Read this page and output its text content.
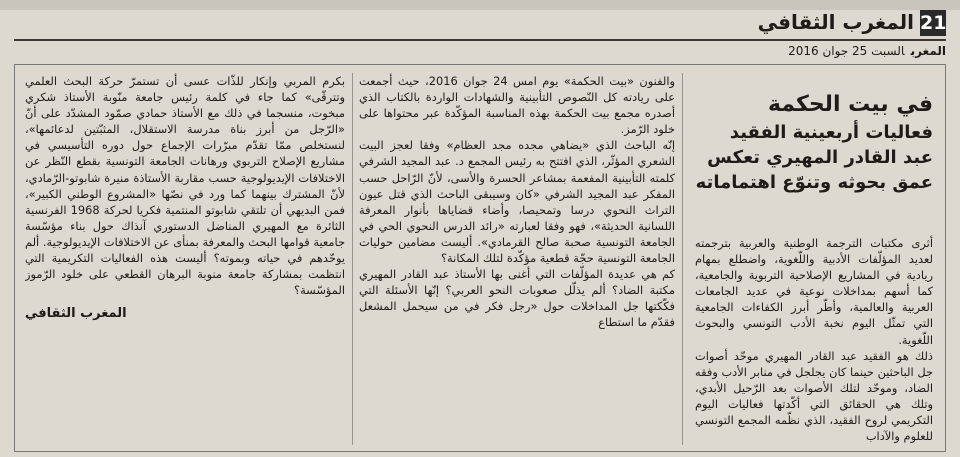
21
المغرب الثقافي
المغربالسبت 25 جوان 2016
في بيت الحكمة
فعاليات أربعينية الفقيد عبد القادر المهيري تعكس عمق بحوثه وتنوّع اهتماماته

أثرى مكتبات الترجمة الوطنية والعربية بترجمته لعديد المؤلّفات الأدبية واللّغوية، واضطلع بمهام ريادية في المشاريع الإصلاحية التربوية والجامعية، كما أسهم بمداخلات نوعية في عديد الجامعات العربية والعالمية، وأطّر أبرز الكفاءات الجامعية التي تمثّل اليوم نخبة الأدب التونسي والبحوث اللّغوية.

ذلك هو الفقيد عبد القادر المهيري موحّد أصوات جل الباحثين حينما كان يجلجل في منابر الأدب وفقه الضاد، وموحّد لتلك الأصوات بعد الرّحيل الأبدي، وتلك هي الحقائق التي أكّدتها فعاليات اليوم التكريمي لروح الفقيد، الذي نظّمه المجمع التونسي للعلوم والآداب

والفنون «بيت الحكمة» يوم امس 24 جوان 2016، حيث أجمعت على ريادته كل النّصوص التأبينية والشهادات الواردة بالكتاب الذي أصدره مجمع بيت الحكمة بهذه المناسبة المؤكّدة عبر محتواها على خلود الرّمز.

إنّه الباحث الذي «يضاهي مجده مجد العظام» وفقا لعجز البيت الشعري المؤثّر، الذي افتتح به رئيس المجمع د. عبد المجيد الشرفي كلمته التأبينية المفعمة بمشاعر الحسرة والأسى، لأنّ الرّاحل حسب المفكر عبد المجيد الشرفي «كان وسيبقى الباحث الذي قتل عيون التراث النحوي درسا وتمحيصا، وأضاء قضاياها بأنوار المعرفة اللسانية الحديثة»، فهو وفقا لعبارته «رائد الدرس النحوي الحي في الجامعة التونسية صحبة صالح القرمادي». أليست مضامين حوليات الجامعة التونسية حجّة قطعية مؤكّدة لتلك المكانة؟

كم هي عديدة المؤلّفات التي أغنى بها الأستاذ عبد القادر المهيري مكتبة الضاد؟ ألم يذلّل صعوبات النحو العربي؟ إنّها الأسئلة التي فكّكتها جل المداخلات حول «رجل فكر في من سيحمل المشعل فقدّم ما استطاع

بكرم المربي وإنكار للذّات عسى أن تستمرّ حركة البحث العلمي وتترقّى» كما جاء في كلمة رئيس جامعة منّوبة الأستاذ شكري مبخوت، منسجما في ذلك مع الأستاذ حمادي صمّود المشدّد على أنّ «الرّجل من أبرز بناة مدرسة الاستقلال، المثبّتين لدعائمها»، لنستخلص ممّا تقدّم مبرّرات الإجماع حول دوره التأسيسي في مشاريع الإصلاح التربوي ورهانات الجامعة التونسية بقطع النّظر عن الاختلافات الإيديولوجية حسب مقاربة الأستاذة منيرة شابوتو-الرّمادي، لأنّ المشترك بينهما كما ورد في نصّها «المشروع الوطني الكبير»، فمن البديهي أن تلتقي شابوتو المنتمية فكريا لحركة 1968 الفرنسية الثائرة مع المهيري المناضل الدستوري آنذاك حول بناء مؤسّسة جامعية قوامها البحث والمعرفة بمنأى عن الاختلافات الإيديولوجية. ألم يوحّدهم في حياته وبموته؟ أليست هذه الفعاليات التكريمية التي انتظمت بمشاركة جامعة منوبة البرهان القطعي على خلود الرّموز المؤسّسة؟

المغرب الثقافي
